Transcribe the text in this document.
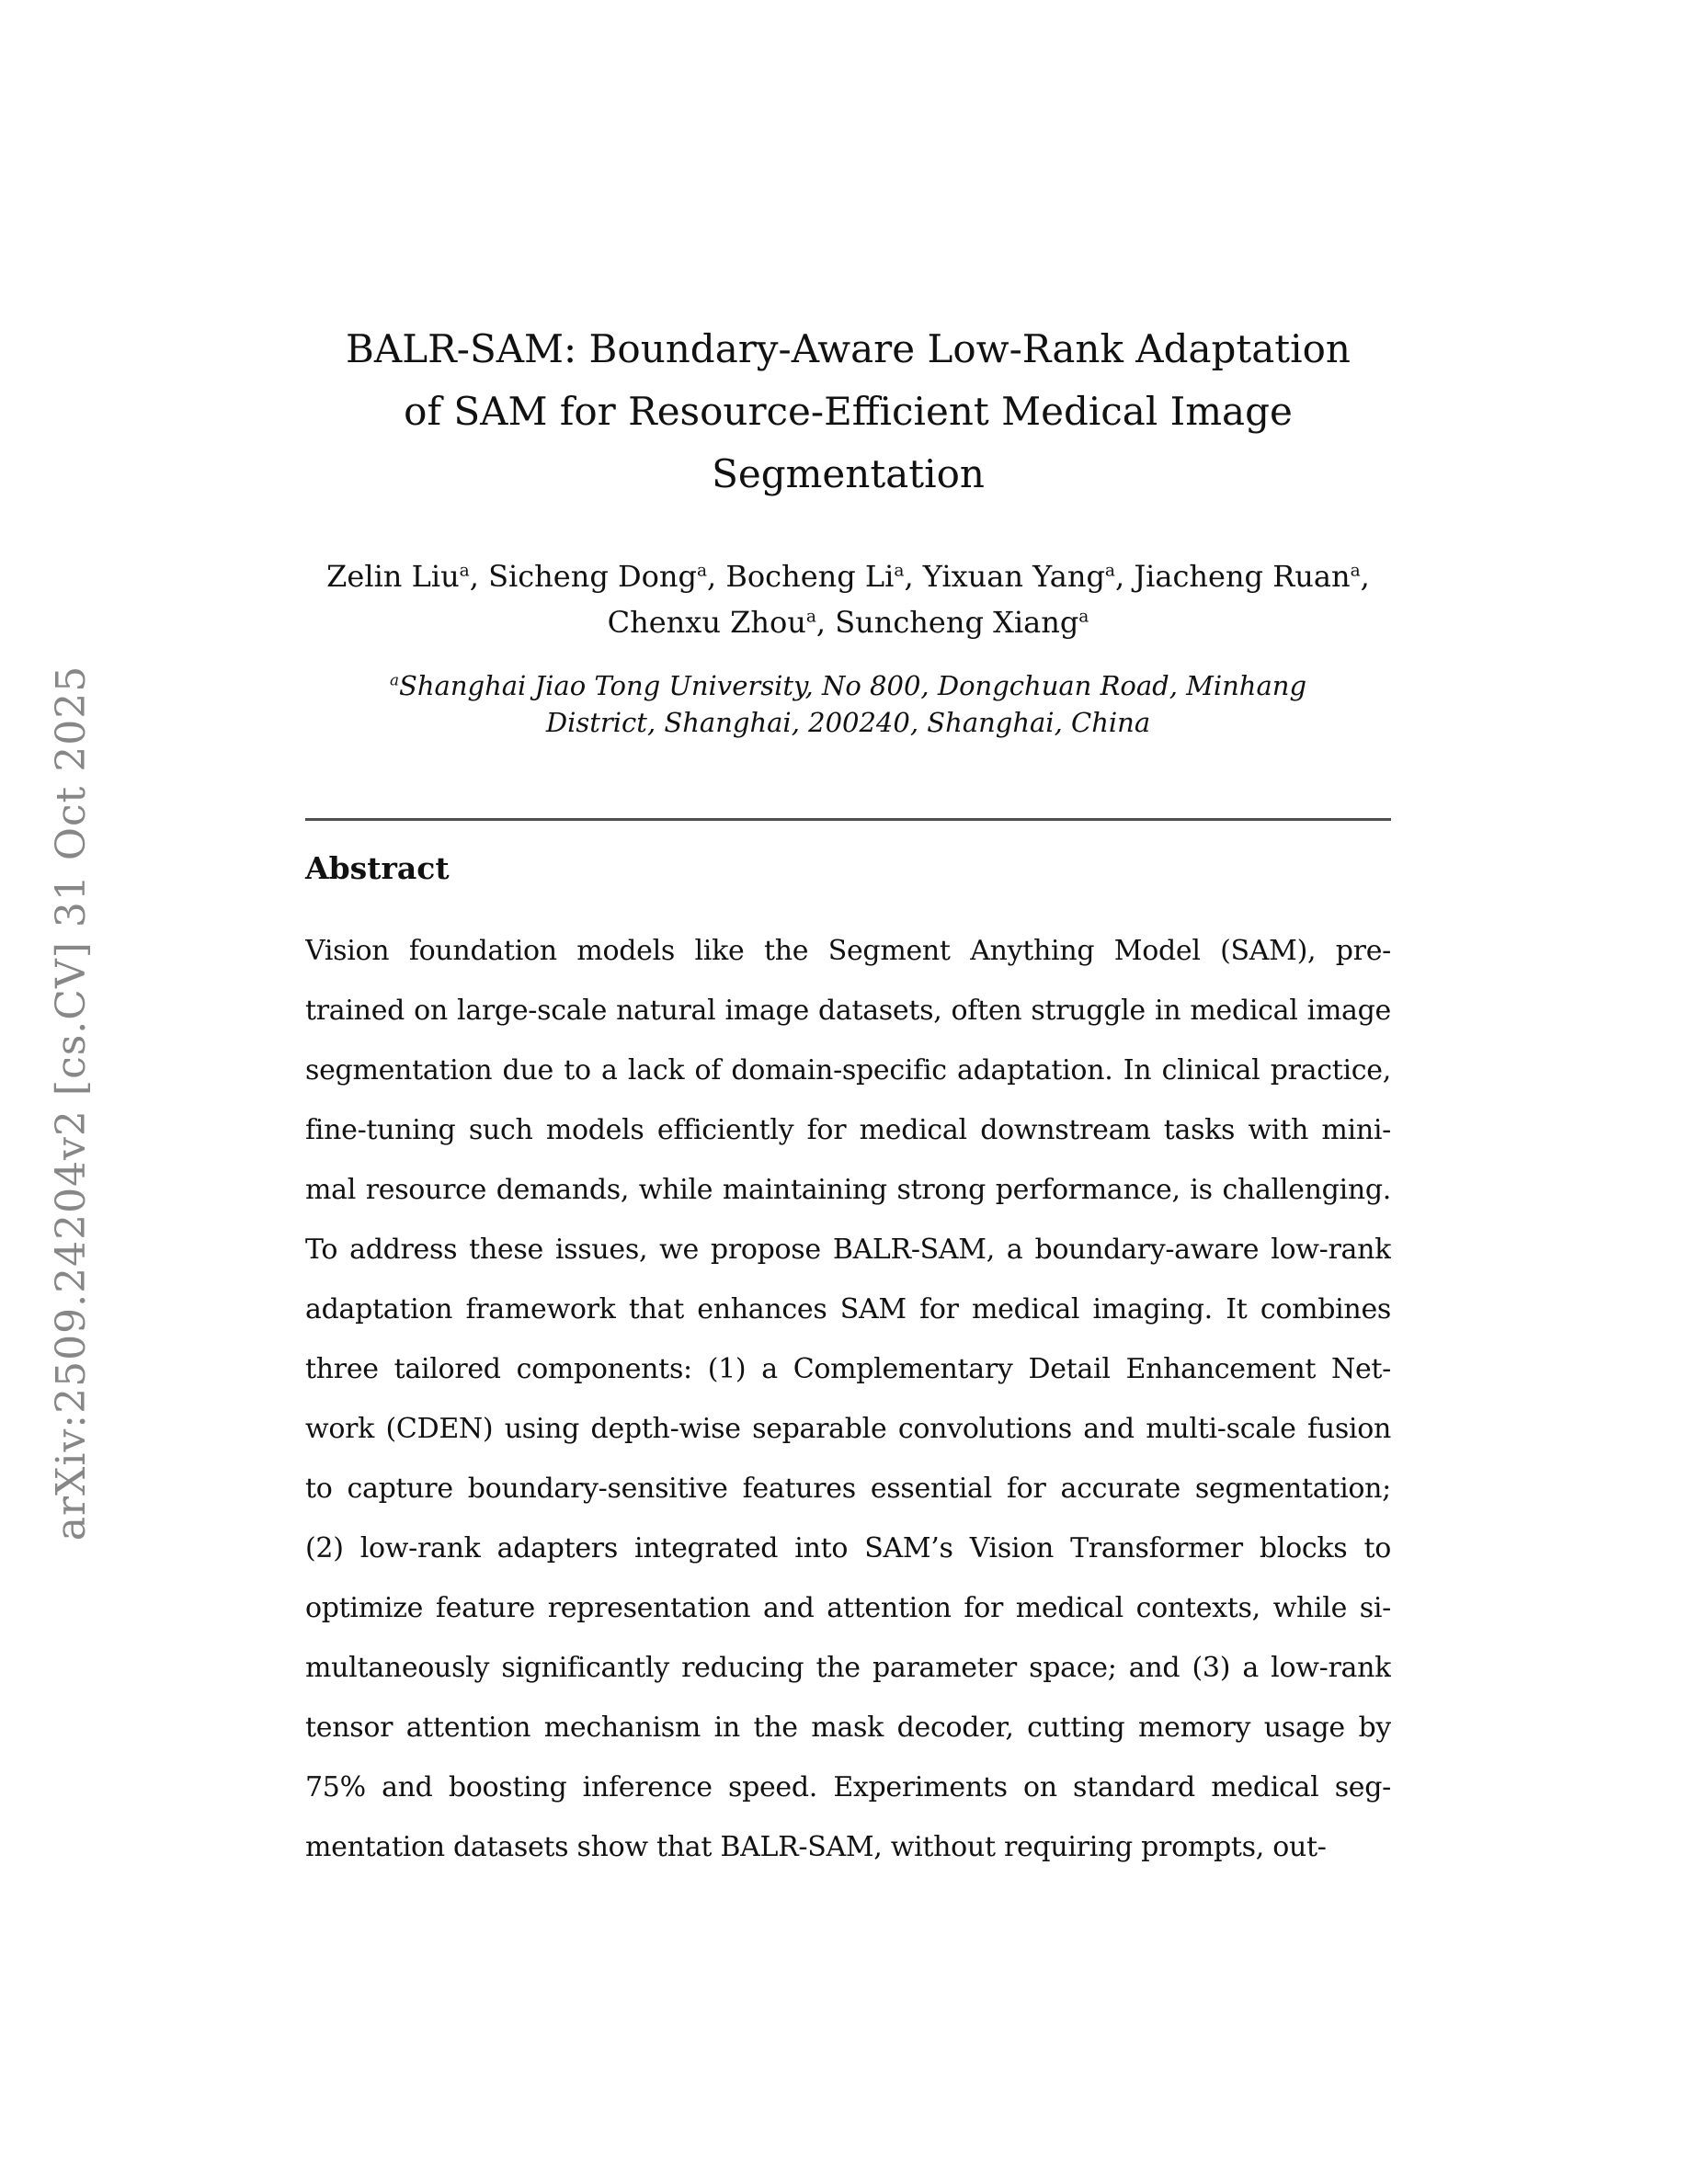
arXiv:2509.24204v2 [cs.CV] 31 Oct 2025
BALR-SAM: Boundary-Aware Low-Rank Adaptation
of SAM for Resource-Efficient Medical Image
Segmentation
Zelin Liu$^a$, Sicheng Dong$^a$, Bocheng Li$^a$, Yixuan Yang$^a$, Jiacheng Ruan$^a$,
Chenxu Zhou$^a$, Suncheng Xiang$^a$
$^a$Shanghai Jiao Tong University, No 800, Dongchuan Road, Minhang
District, Shanghai, 200240, Shanghai, China
Abstract
Vision foundation models like the Segment Anything Model (SAM), pre-
trained on large-scale natural image datasets, often struggle in medical image
segmentation due to a lack of domain-specific adaptation. In clinical practice,
fine-tuning such models efficiently for medical downstream tasks with mini-
mal resource demands, while maintaining strong performance, is challenging.
To address these issues, we propose BALR-SAM, a boundary-aware low-rank
adaptation framework that enhances SAM for medical imaging. It combines
three tailored components: (1) a Complementary Detail Enhancement Net-
work (CDEN) using depth-wise separable convolutions and multi-scale fusion
to capture boundary-sensitive features essential for accurate segmentation;
(2) low-rank adapters integrated into SAM’s Vision Transformer blocks to
optimize feature representation and attention for medical contexts, while si-
multaneously significantly reducing the parameter space; and (3) a low-rank
tensor attention mechanism in the mask decoder, cutting memory usage by
75% and boosting inference speed. Experiments on standard medical seg-
mentation datasets show that BALR-SAM, without requiring prompts, out-
